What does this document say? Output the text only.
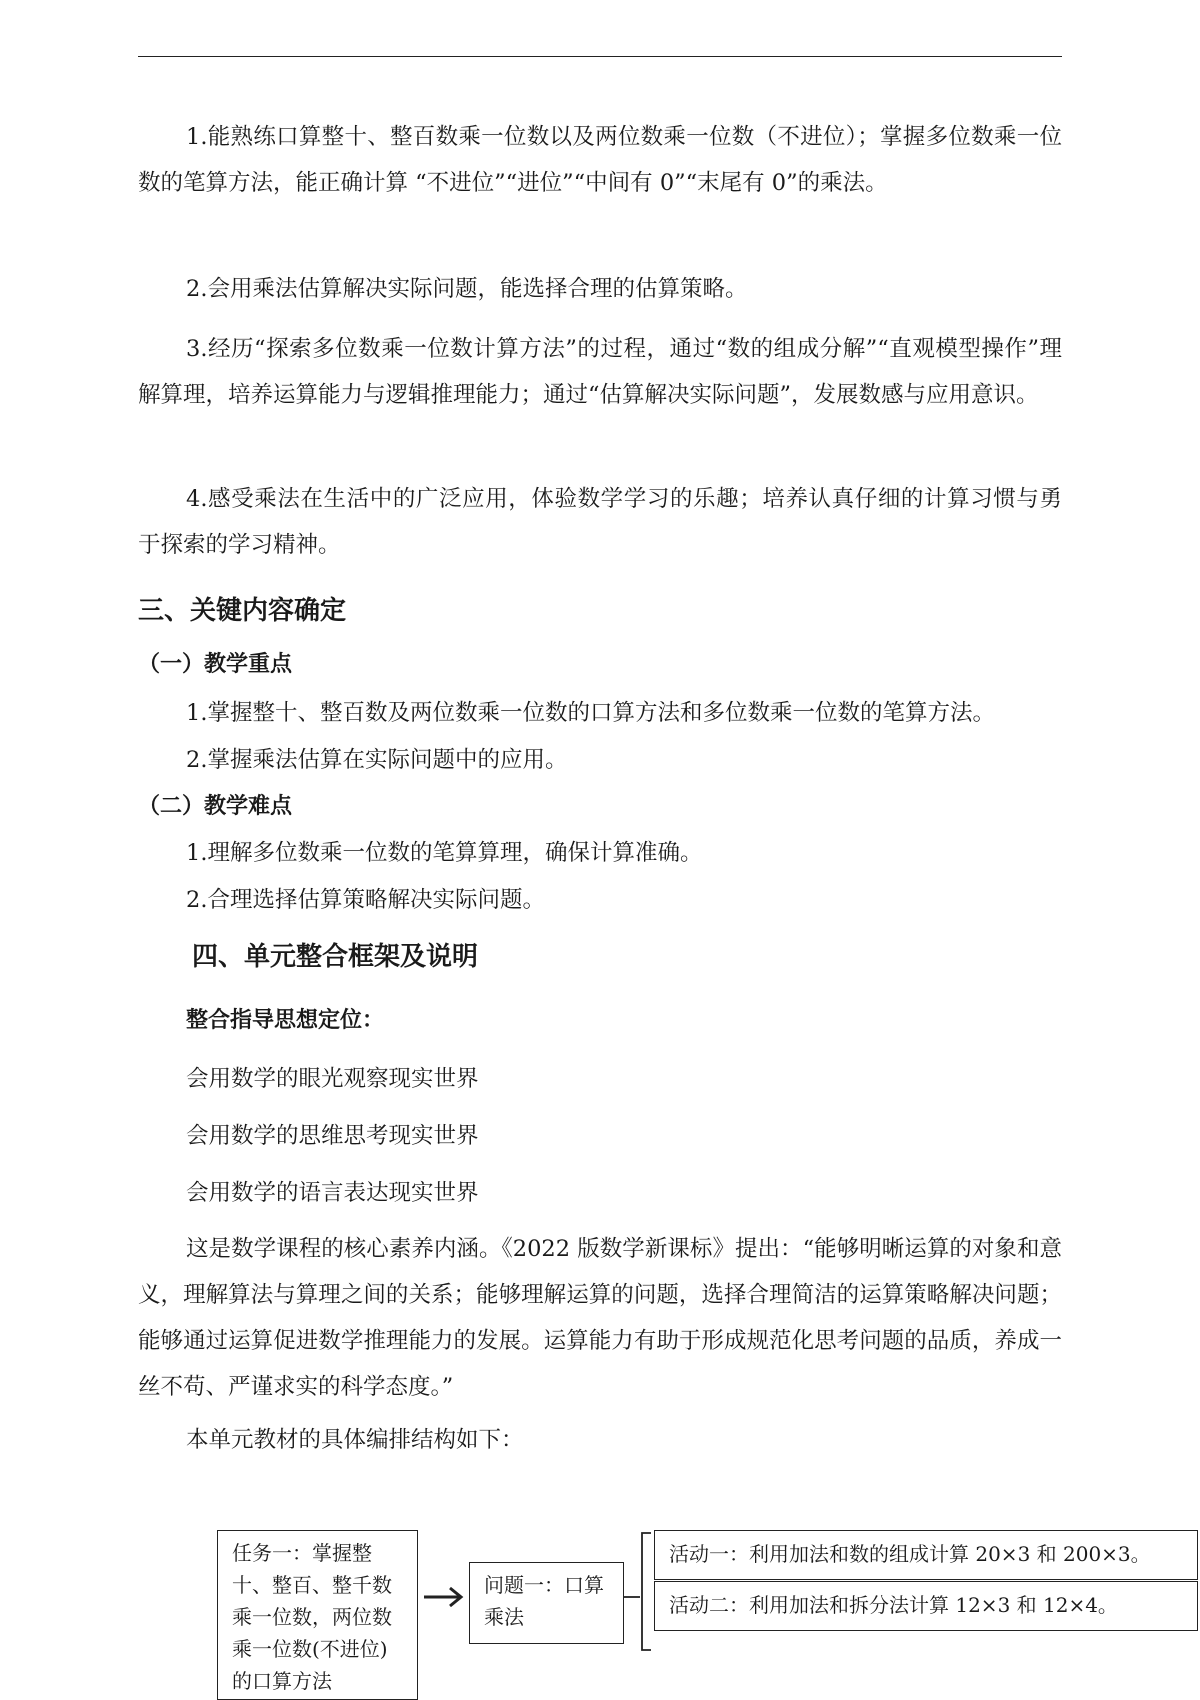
1.能熟练口算整十、整百数乘一位数以及两位数乘一位数（不进位）；掌握多位数乘一位数的笔算方法，能正确计算 “不进位”“进位”“中间有 0”“末尾有 0”的乘法。

2.会用乘法估算解决实际问题，能选择合理的估算策略。

3.经历“探索多位数乘一位数计算方法”的过程，通过“数的组成分解”“直观模型操作”理解算理，培养运算能力与逻辑推理能力；通过“估算解决实际问题”，发展数感与应用意识。

4.感受乘法在生活中的广泛应用，体验数学学习的乐趣；培养认真仔细的计算习惯与勇于探索的学习精神。

三、关键内容确定
（一）教学重点

1.掌握整十、整百数及两位数乘一位数的口算方法和多位数乘一位数的笔算方法。

2.掌握乘法估算在实际问题中的应用。

（二）教学难点

1.理解多位数乘一位数的笔算算理，确保计算准确。

2.合理选择估算策略解决实际问题。

四、单元整合框架及说明
整合指导思想定位：

会用数学的眼光观察现实世界

会用数学的思维思考现实世界

会用数学的语言表达现实世界

这是数学课程的核心素养内涵。《2022 版数学新课标》提出：“能够明晰运算的对象和意义，理解算法与算理之间的关系；能够理解运算的问题，选择合理简洁的运算策略解决问题；能够通过运算促进数学推理能力的发展。运算能力有助于形成规范化思考问题的品质，养成一丝不苟、严谨求实的科学态度。”

本单元教材的具体编排结构如下：

任务一：掌握整十、整百、整千数乘一位数，两位数乘一位数(不进位)的口算方法
问题一：口算乘法
活动一：利用加法和数的组成计算 20×3 和 200×3。
活动二：利用加法和拆分法计算 12×3 和 12×4。
